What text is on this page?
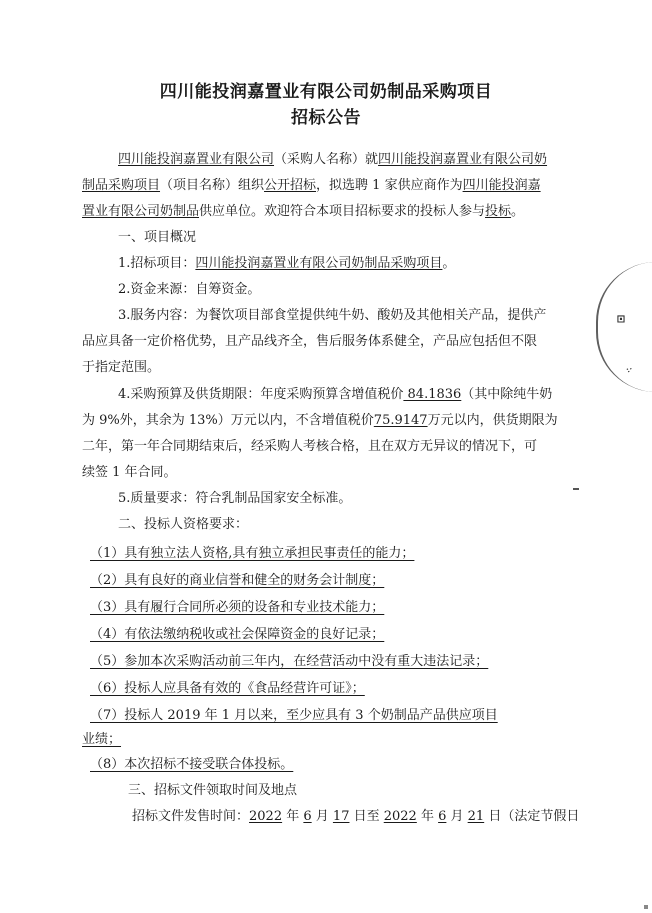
四川能投润嘉置业有限公司奶制品采购项目
招标公告
四川能投润嘉置业有限公司（采购人名称）就四川能投润嘉置业有限公司奶
制品采购项目（项目名称）组织公开招标，拟选聘 1 家供应商作为四川能投润嘉
置业有限公司奶制品供应单位。欢迎符合本项目招标要求的投标人参与投标。
一、项目概况
1.招标项目：四川能投润嘉置业有限公司奶制品采购项目。
2.资金来源：自筹资金。
3.服务内容：为餐饮项目部食堂提供纯牛奶、酸奶及其他相关产品，提供产
品应具备一定价格优势，且产品线齐全，售后服务体系健全，产品应包括但不限
于指定范围。
4.采购预算及供货期限：年度采购预算含增值税价 84.1836（其中除纯牛奶
为 9%外，其余为 13%）万元以内，不含增值税价75.9147万元以内，供货期限为
二年，第一年合同期结束后，经采购人考核合格，且在双方无异议的情况下，可
续签 1 年合同。
5.质量要求：符合乳制品国家安全标准。
二、投标人资格要求：
（1）具有独立法人资格,具有独立承担民事责任的能力；
（2）具有良好的商业信誉和健全的财务会计制度；
（3）具有履行合同所必须的设备和专业技术能力；
（4）有依法缴纳税收或社会保障资金的良好记录；
（5）参加本次采购活动前三年内，在经营活动中没有重大违法记录；
（6）投标人应具备有效的《食品经营许可证》；
（7）投标人 2019 年 1 月以来，至少应具有 3 个奶制品产品供应项目
业绩；
（8）本次招标不接受联合体投标。
三、招标文件领取时间及地点
招标文件发售时间：2022 年 6 月 17 日至 2022 年 6 月 21 日（法定节假日
⊡
∴
